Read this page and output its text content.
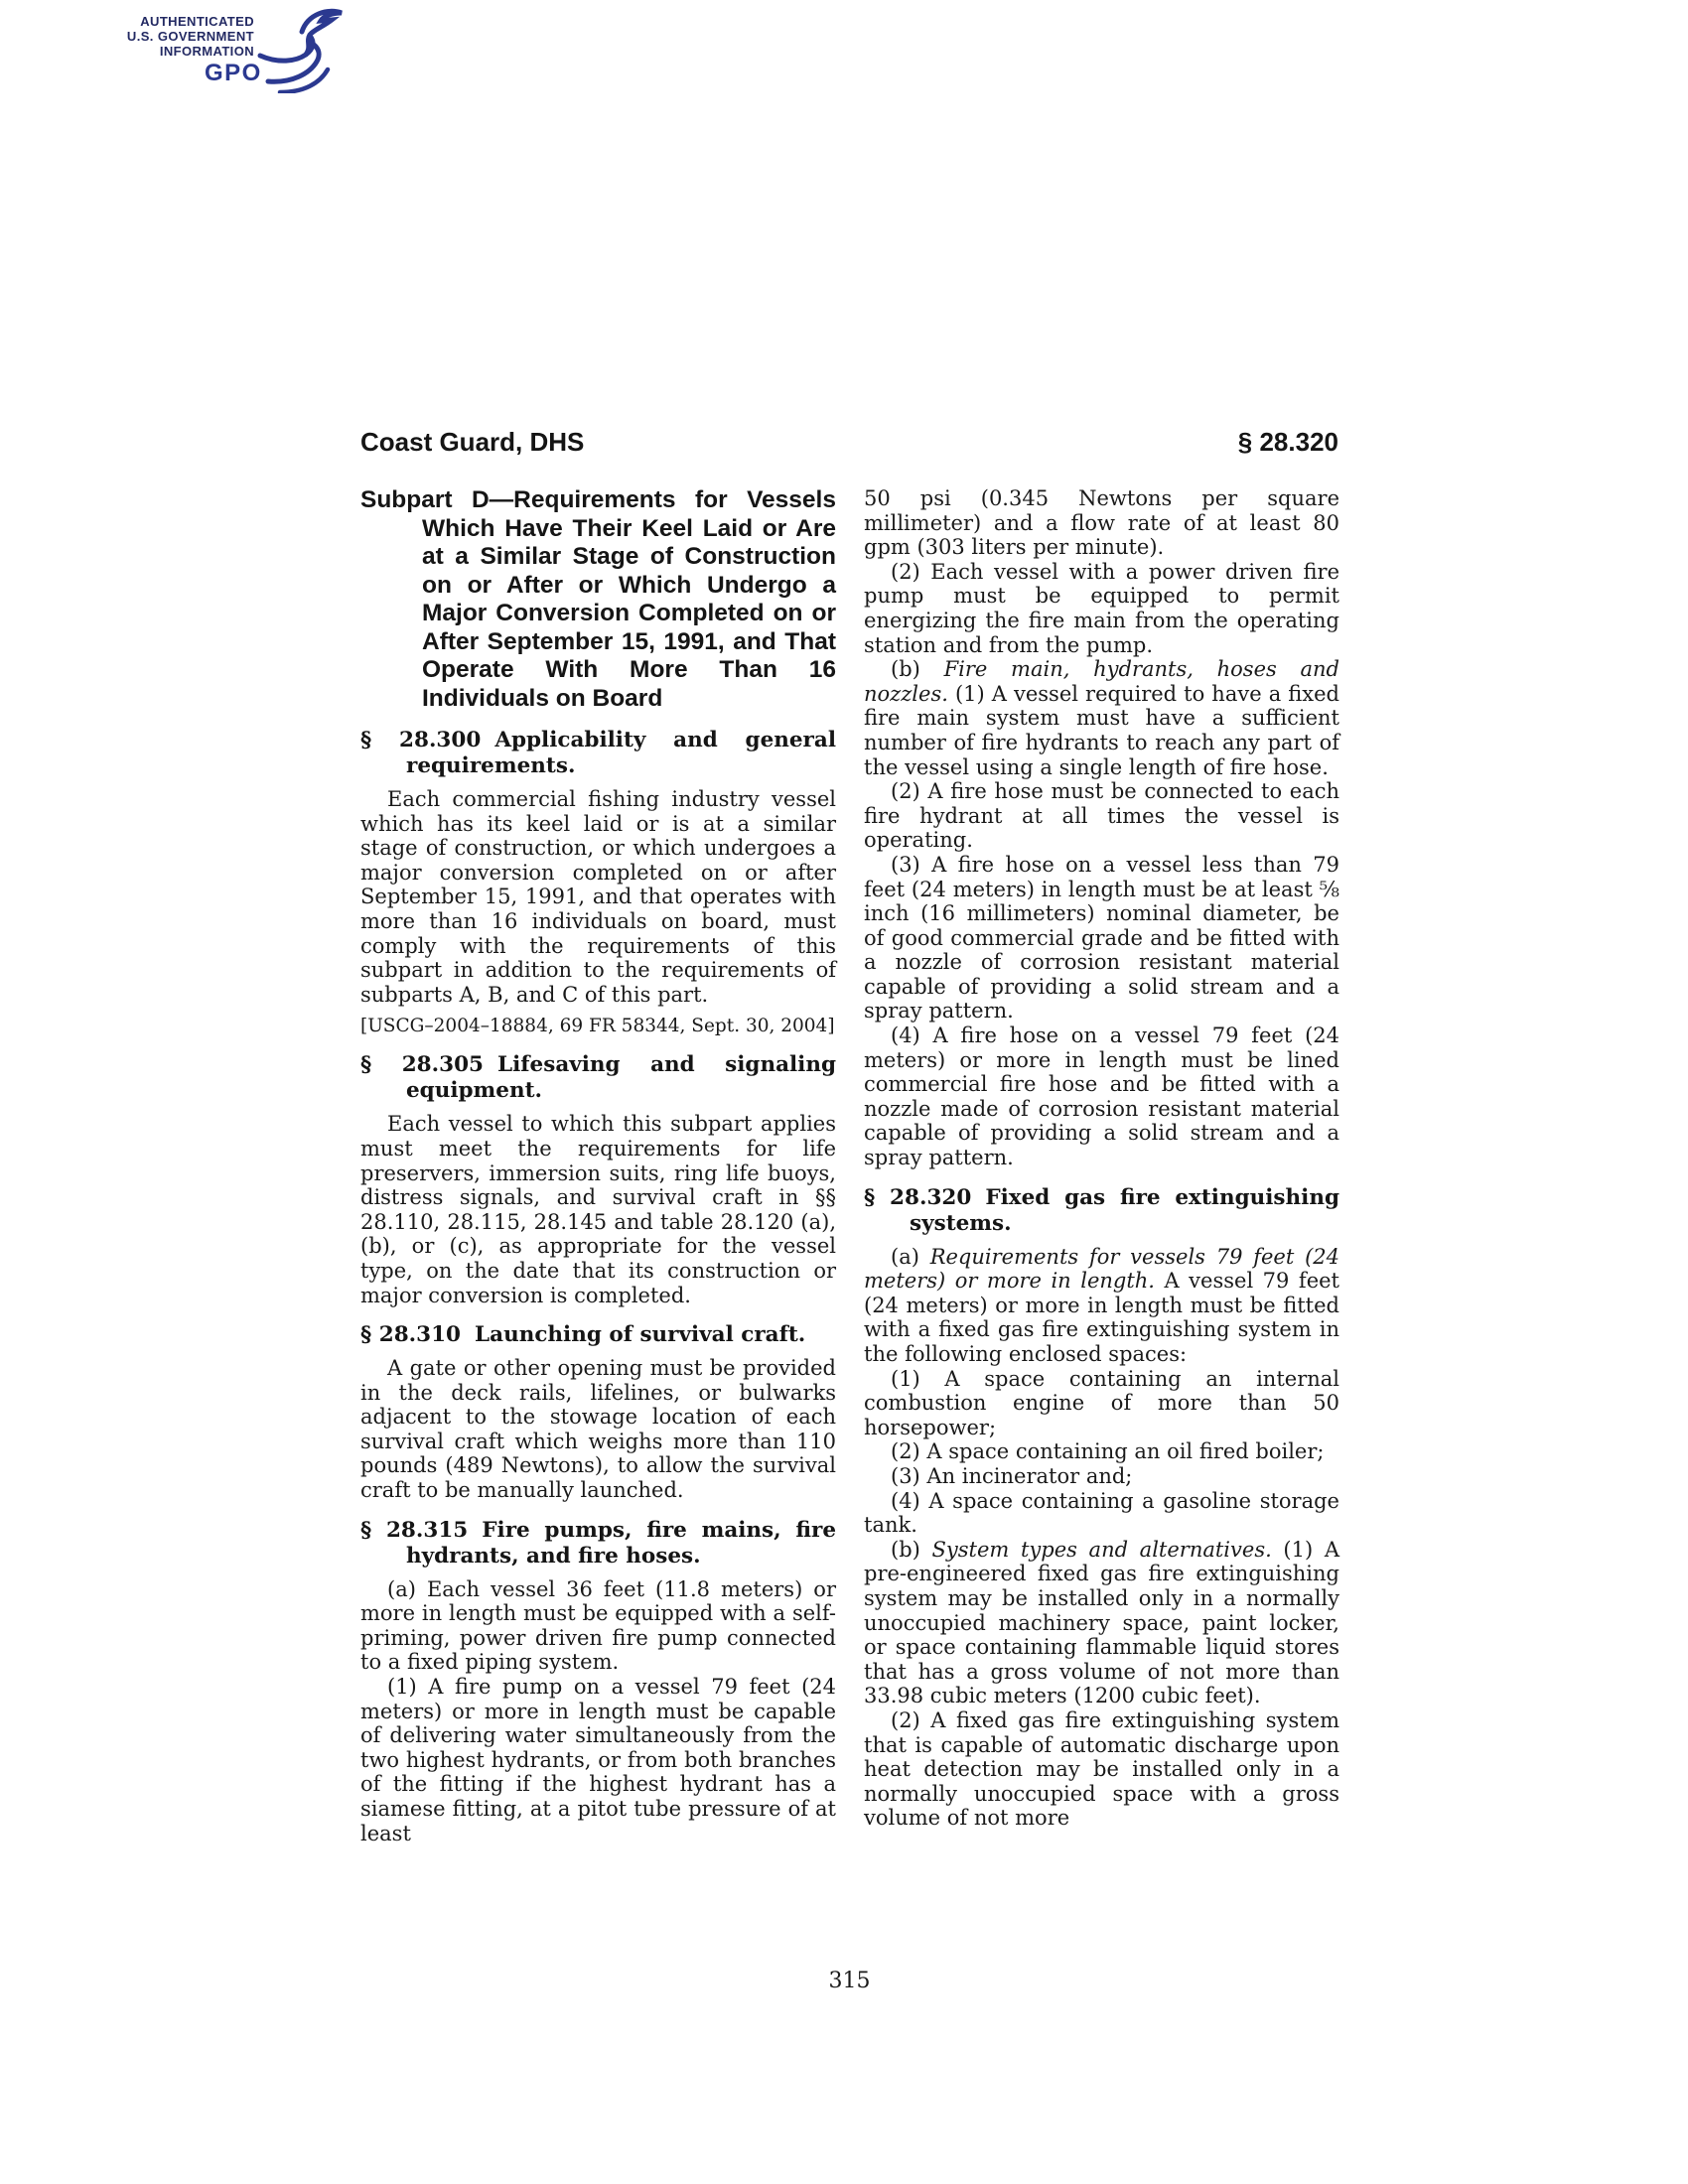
AUTHENTICATED
U.S. GOVERNMENT
INFORMATION
GPO
Coast Guard, DHS	§ 28.320
Subpart D—Requirements for Vessels Which Have Their Keel Laid or Are at a Similar Stage of Construction on or After or Which Undergo a Major Conversion Completed on or After September 15, 1991, and That Operate With More Than 16 Individuals on Board
§ 28.300 Applicability and general requirements.

Each commercial fishing industry vessel which has its keel laid or is at a similar stage of construction, or which undergoes a major conversion completed on or after September 15, 1991, and that operates with more than 16 individuals on board, must comply with the requirements of this subpart in addition to the requirements of subparts A, B, and C of this part.

[USCG–2004–18884, 69 FR 58344, Sept. 30, 2004]
§ 28.305 Lifesaving and signaling equipment.

Each vessel to which this subpart applies must meet the requirements for life preservers, immersion suits, ring life buoys, distress signals, and survival craft in §§ 28.110, 28.115, 28.145 and table 28.120 (a), (b), or (c), as appropriate for the vessel type, on the date that its construction or major conversion is completed.

§ 28.310 Launching of survival craft.

A gate or other opening must be provided in the deck rails, lifelines, or bulwarks adjacent to the stowage location of each survival craft which weighs more than 110 pounds (489 Newtons), to allow the survival craft to be manually launched.

§ 28.315 Fire pumps, fire mains, fire hydrants, and fire hoses.

(a) Each vessel 36 feet (11.8 meters) or more in length must be equipped with a self-priming, power driven fire pump connected to a fixed piping system.

(1) A fire pump on a vessel 79 feet (24 meters) or more in length must be capable of delivering water simultaneously from the two highest hydrants, or from both branches of the fitting if the highest hydrant has a siamese fitting, at a pitot tube pressure of at least

50 psi (0.345 Newtons per square millimeter) and a flow rate of at least 80 gpm (303 liters per minute).

(2) Each vessel with a power driven fire pump must be equipped to permit energizing the fire main from the operating station and from the pump.

(b) Fire main, hydrants, hoses and nozzles. (1) A vessel required to have a fixed fire main system must have a sufficient number of fire hydrants to reach any part of the vessel using a single length of fire hose.

(2) A fire hose must be connected to each fire hydrant at all times the vessel is operating.

(3) A fire hose on a vessel less than 79 feet (24 meters) in length must be at least ⅝ inch (16 millimeters) nominal diameter, be of good commercial grade and be fitted with a nozzle of corrosion resistant material capable of providing a solid stream and a spray pattern.

(4) A fire hose on a vessel 79 feet (24 meters) or more in length must be lined commercial fire hose and be fitted with a nozzle made of corrosion resistant material capable of providing a solid stream and a spray pattern.

§ 28.320 Fixed gas fire extinguishing systems.

(a) Requirements for vessels 79 feet (24 meters) or more in length. A vessel 79 feet (24 meters) or more in length must be fitted with a fixed gas fire extinguishing system in the following enclosed spaces:

(1) A space containing an internal combustion engine of more than 50 horsepower;

(2) A space containing an oil fired boiler;

(3) An incinerator and;

(4) A space containing a gasoline storage tank.

(b) System types and alternatives. (1) A pre-engineered fixed gas fire extinguishing system may be installed only in a normally unoccupied machinery space, paint locker, or space containing flammable liquid stores that has a gross volume of not more than 33.98 cubic meters (1200 cubic feet).

(2) A fixed gas fire extinguishing system that is capable of automatic discharge upon heat detection may be installed only in a normally unoccupied space with a gross volume of not more

315
